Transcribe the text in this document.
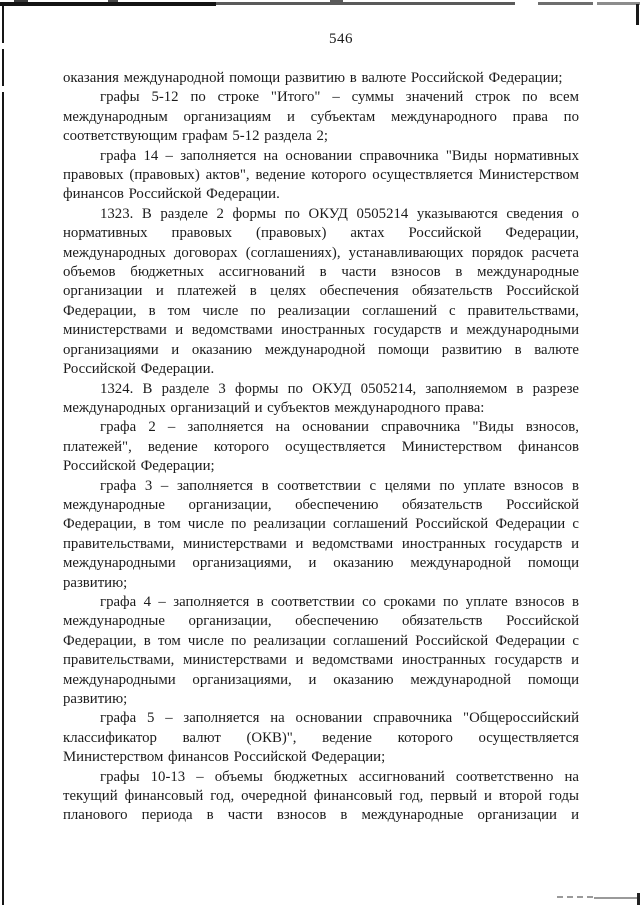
546

оказания международной помощи развитию в валюте Российской Федерации;

графы 5-12 по строке "Итого" – суммы значений строк по всем международным организациям и субъектам международного права по соответствующим графам 5-12 раздела 2;

графа 14 – заполняется на основании справочника "Виды нормативных правовых (правовых) актов", ведение которого осуществляется Министерством финансов Российской Федерации.

1323. В разделе 2 формы по ОКУД 0505214 указываются сведения о нормативных правовых (правовых) актах Российской Федерации, международных договорах (соглашениях), устанавливающих порядок расчета объемов бюджетных ассигнований в части взносов в международные организации и платежей в целях обеспечения обязательств Российской Федерации, в том числе по реализации соглашений с правительствами, министерствами и ведомствами иностранных государств и международными организациями и оказанию международной помощи развитию в валюте Российской Федерации.

1324. В разделе 3 формы по ОКУД 0505214, заполняемом в разрезе международных организаций и субъектов международного права:

графа 2 – заполняется на основании справочника "Виды взносов, платежей", ведение которого осуществляется Министерством финансов Российской Федерации;

графа 3 – заполняется в соответствии с целями по уплате взносов в международные организации, обеспечению обязательств Российской Федерации, в том числе по реализации соглашений Российской Федерации с правительствами, министерствами и ведомствами иностранных государств и международными организациями, и оказанию международной помощи развитию;

графа 4 – заполняется в соответствии со сроками по уплате взносов в международные организации, обеспечению обязательств Российской Федерации, в том числе по реализации соглашений Российской Федерации с правительствами, министерствами и ведомствами иностранных государств и международными организациями, и оказанию международной помощи развитию;

графа 5 – заполняется на основании справочника "Общероссийский классификатор валют (ОКВ)", ведение которого осуществляется Министерством финансов Российской Федерации;

графы 10-13 – объемы бюджетных ассигнований соответственно на текущий финансовый год, очередной финансовый год, первый и второй годы планового периода в части взносов в международные организации и
